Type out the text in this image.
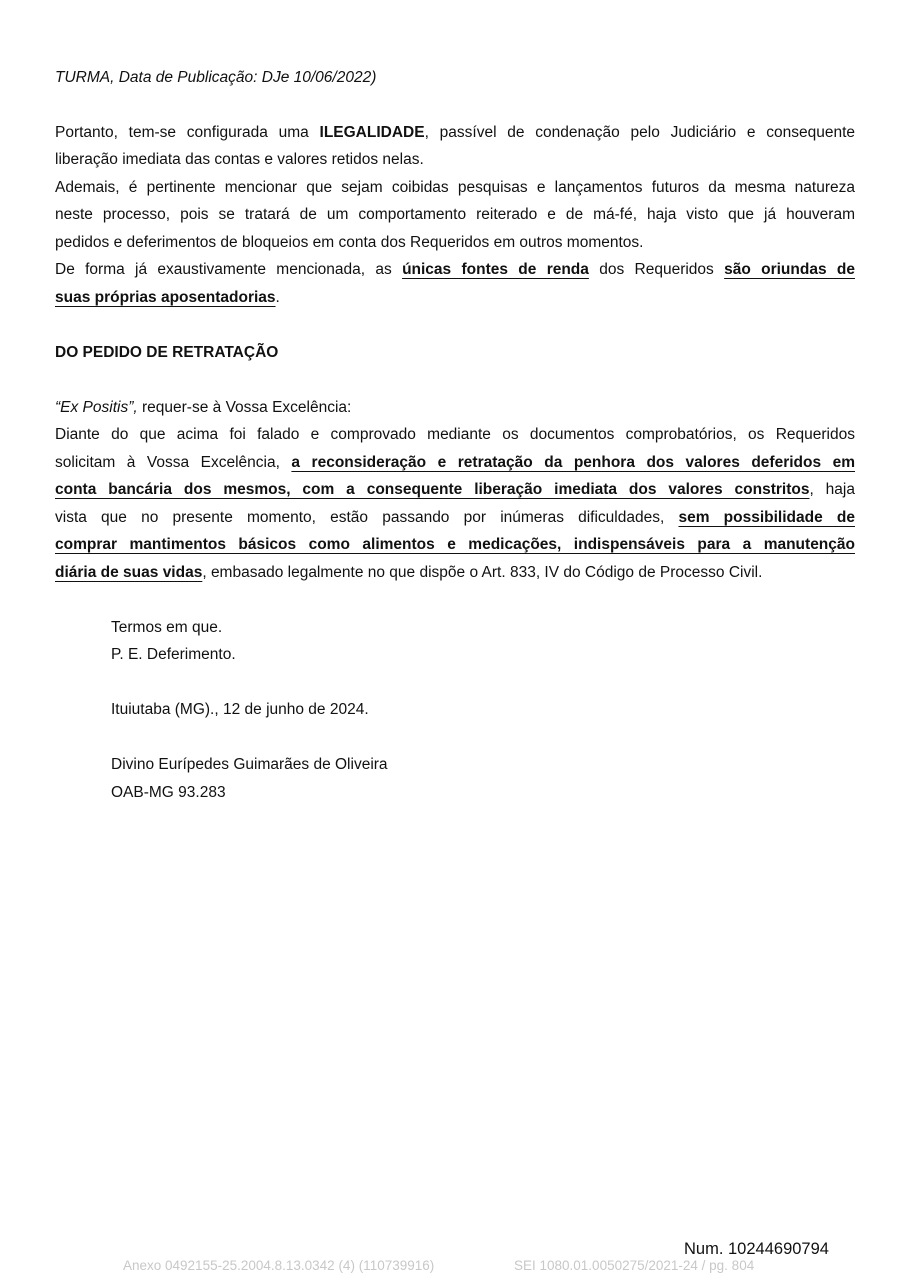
TURMA, Data de Publicação: DJe 10/06/2022)
Portanto, tem-se configurada uma ILEGALIDADE, passível de condenação pelo Judiciário e consequente
liberação imediata das contas e valores retidos nelas.
Ademais, é pertinente mencionar que sejam coibidas pesquisas e lançamentos futuros da mesma natureza
neste processo, pois se tratará de um comportamento reiterado e de má-fé, haja visto que já houveram
pedidos e deferimentos de bloqueios em conta dos Requeridos em outros momentos.
De forma já exaustivamente mencionada, as únicas fontes de renda dos Requeridos são oriundas de
suas próprias aposentadorias.
DO PEDIDO DE RETRATAÇÃO
“Ex Positis”, requer-se à Vossa Excelência:
Diante do que acima foi falado e comprovado mediante os documentos comprobatórios, os Requeridos
solicitam à Vossa Excelência, a reconsideração e retratação da penhora dos valores deferidos em
conta bancária dos mesmos, com a consequente liberação imediata dos valores constritos, haja
vista que no presente momento, estão passando por inúmeras dificuldades, sem possibilidade de
comprar mantimentos básicos como alimentos e medicações, indispensáveis para a manutenção
diária de suas vidas, embasado legalmente no que dispõe o Art. 833, IV do Código de Processo Civil.
Termos em que.
P. E. Deferimento.
Ituiutaba (MG)., 12 de junho de 2024.
Divino Eurípedes Guimarães de Oliveira
OAB-MG 93.283
Num. 10244690794
Anexo 0492155-25.2004.8.13.0342 (4) (110739916)	SEI 1080.01.0050275/2021-24 / pg. 804
